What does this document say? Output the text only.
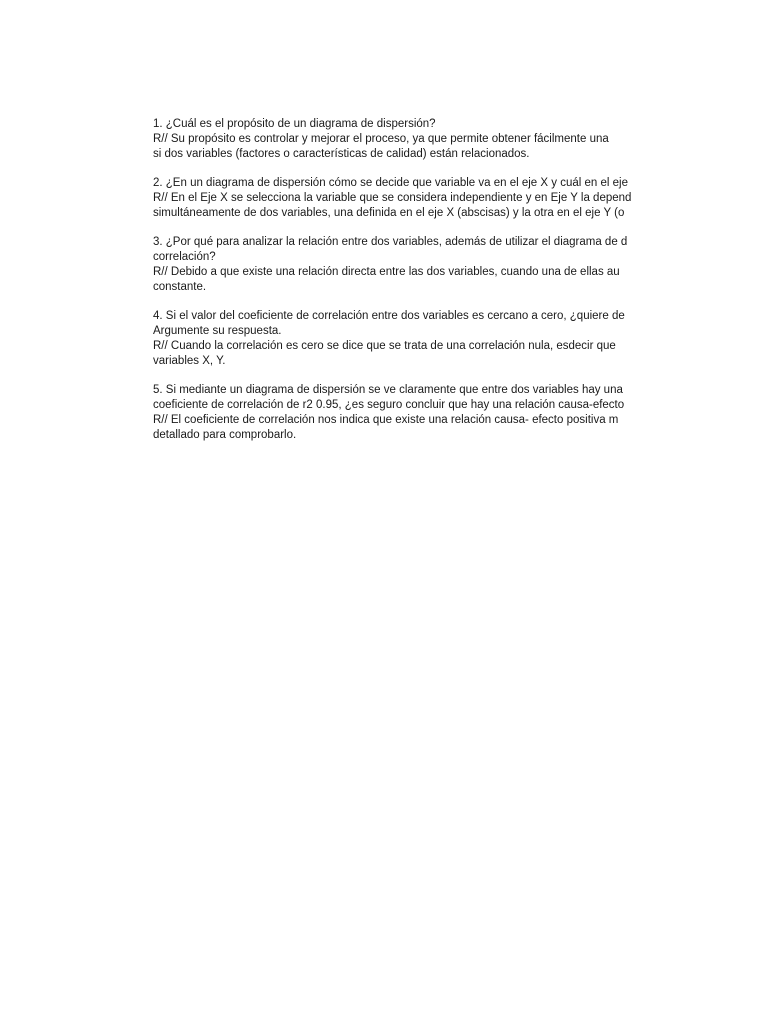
1. ¿Cuál es el propósito de un diagrama de dispersión?
R// Su propósito es controlar y mejorar el proceso, ya que permite obtener fácilmente una
si dos variables (factores o características de calidad) están relacionados.
2. ¿En un diagrama de dispersión cómo se decide que variable va en el eje X y cuál en el eje
R// En el Eje X se selecciona la variable que se considera independiente y en Eje Y la depend
simultáneamente de dos variables, una definida en el eje X (abscisas) y la otra en el eje Y (o
3. ¿Por qué para analizar la relación entre dos variables, además de utilizar el diagrama de d
correlación?
R// Debido a que existe una relación directa entre las dos variables, cuando una de ellas au
constante.
4. Si el valor del coeficiente de correlación entre dos variables es cercano a cero, ¿quiere de
Argumente su respuesta.
R// Cuando la correlación es cero se dice que se trata de una correlación nula, esdecir que
variables X, Y.
5. Si mediante un diagrama de dispersión se ve claramente que entre dos variables hay una
coeficiente de correlación de r2 0.95, ¿es seguro concluir que hay una relación causa-efecto
R// El coeficiente de correlación nos indica que existe una relación causa- efecto positiva m
detallado para comprobarlo.
